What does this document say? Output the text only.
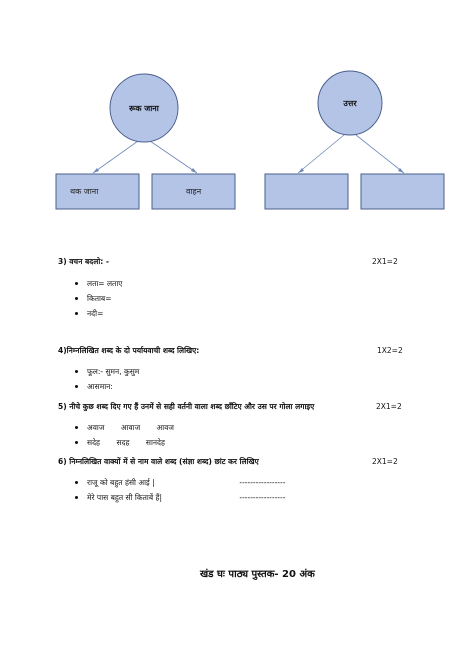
रूक जाना
थक जाना	वाहन
उत्तर
3) वचन बदलो: -	2X1=2
लता= लताए
किताब=
नदी=
4)निम्नलिखित शब्द के दो पर्यायवाची शब्द लिखिए:	1X2=2
फूल:- सुमन, कुसुम
आसमान:
5) नीचे कुछ शब्द दिए गए हैं उनमें से सही वर्तनी वाला शब्द छाँटिए और उस पर गोला लगाइए	2X1=2
अवाज आवाज आवज
सदेह सदह सानदेह
6) निम्नलिखित वाक्यों में से नाम वाले शब्द (संज्ञा शब्द) छांट कर लिखिए	2X1=2
राजू को बहुत हंसी आई |	-----------------
मेरे पास बहुत सी किताबें हैं|	-----------------
खंड घः पाठ्य पुस्तक- 20 अंक
